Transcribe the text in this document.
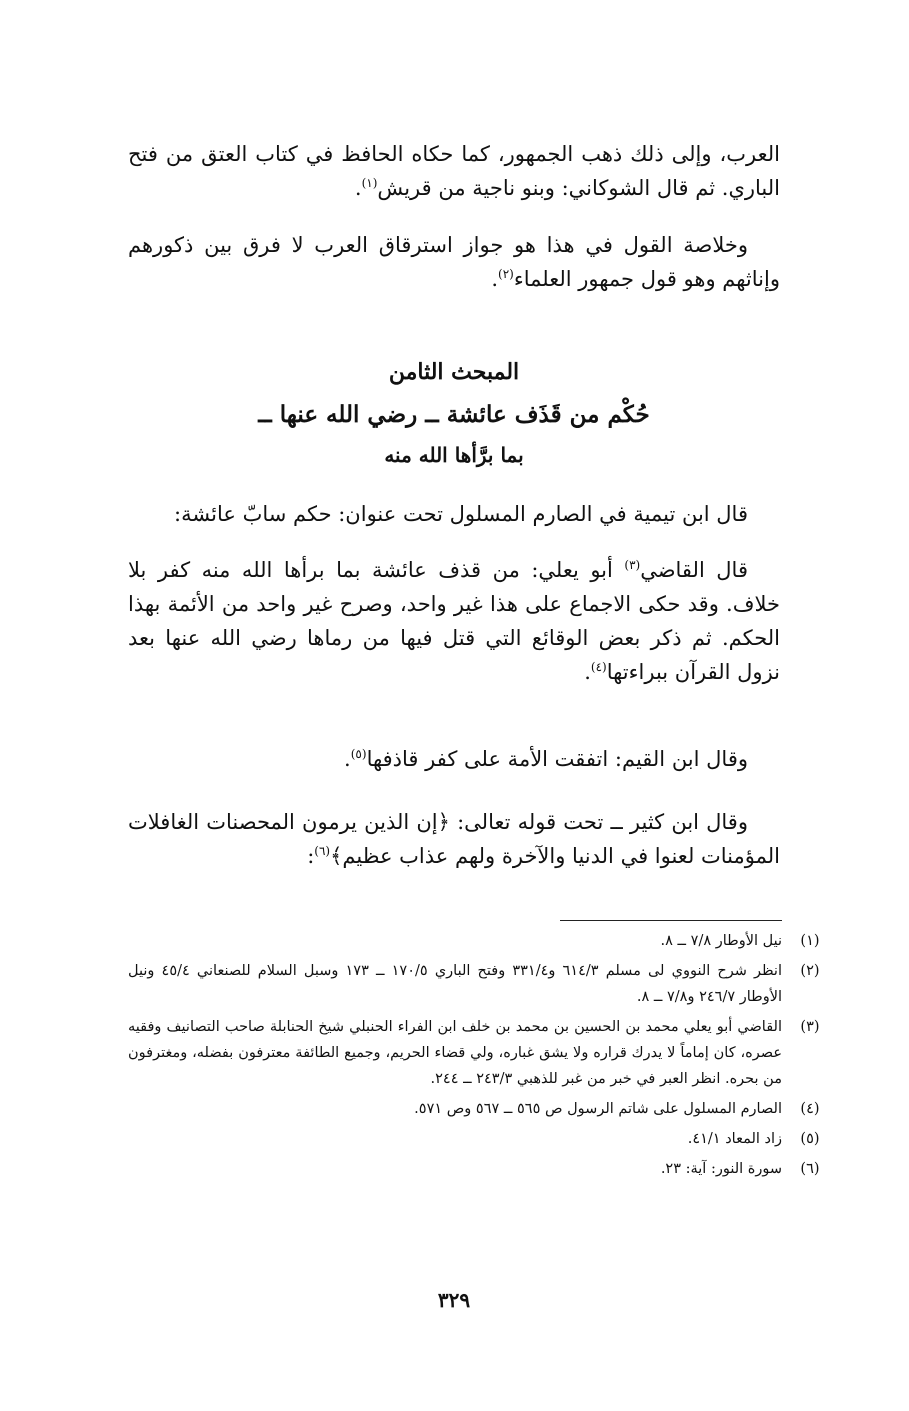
العرب، وإلى ذلك ذهب الجمهور، كما حكاه الحافظ في كتاب العتق من فتح الباري. ثم قال الشوكاني: وبنو ناجية من قريش$^{(١)}$.

وخلاصة القول في هذا هو جواز استرقاق العرب لا فرق بين ذكورهم وإناثهم وهو قول جمهور العلماء$^{(٢)}$.

المبحث الثامن
حُكْم من قَذَف عائشة ــ رضي الله عنها ــ
بما برَّأها الله منه

قال ابن تيمية في الصارم المسلول تحت عنوان: حكم سابّ عائشة:

قال القاضي$^{(٣)}$ أبو يعلي: من قذف عائشة بما برأها الله منه كفر بلا خلاف. وقد حكى الاجماع على هذا غير واحد، وصرح غير واحد من الأئمة بهذا الحكم. ثم ذكر بعض الوقائع التي قتل فيها من رماها رضي الله عنها بعد نزول القرآن ببراءتها$^{(٤)}$.

وقال ابن القيم: اتفقت الأمة على كفر قاذفها$^{(٥)}$.

وقال ابن كثير ــ تحت قوله تعالى: ﴿إن الذين يرمون المحصنات الغافلات المؤمنات لعنوا في الدنيا والآخرة ولهم عذاب عظيم﴾$^{(٦)}$:

(١)
نيل الأوطار ٧/٨ ــ ٨.
(٢)
انظر شرح النووي لى مسلم ٦١٤/٣ و٣٣١/٤ وفتح الباري ١٧٠/٥ ــ ١٧٣ وسبل السلام للصنعاني ٤٥/٤ ونيل الأوطار ٢٤٦/٧ و٧/٨ ــ ٨.
(٣)
القاضي أبو يعلي محمد بن الحسين بن محمد بن خلف ابن الفراء الحنبلي شيخ الحنابلة صاحب التصانيف وفقيه عصره، كان إماماً لا يدرك قراره ولا يشق غباره، ولي قضاء الحريم، وجميع الطائفة معترفون بفضله، ومغترفون من بحره. انظر العبر في خبر من غبر للذهبي ٢٤٣/٣ ــ ٢٤٤.
(٤)
الصارم المسلول على شاتم الرسول ص ٥٦٥ ــ ٥٦٧ وص ٥٧١.
(٥)
زاد المعاد ٤١/١.
(٦)
سورة النور: آية: ٢٣.
٣٢٩
